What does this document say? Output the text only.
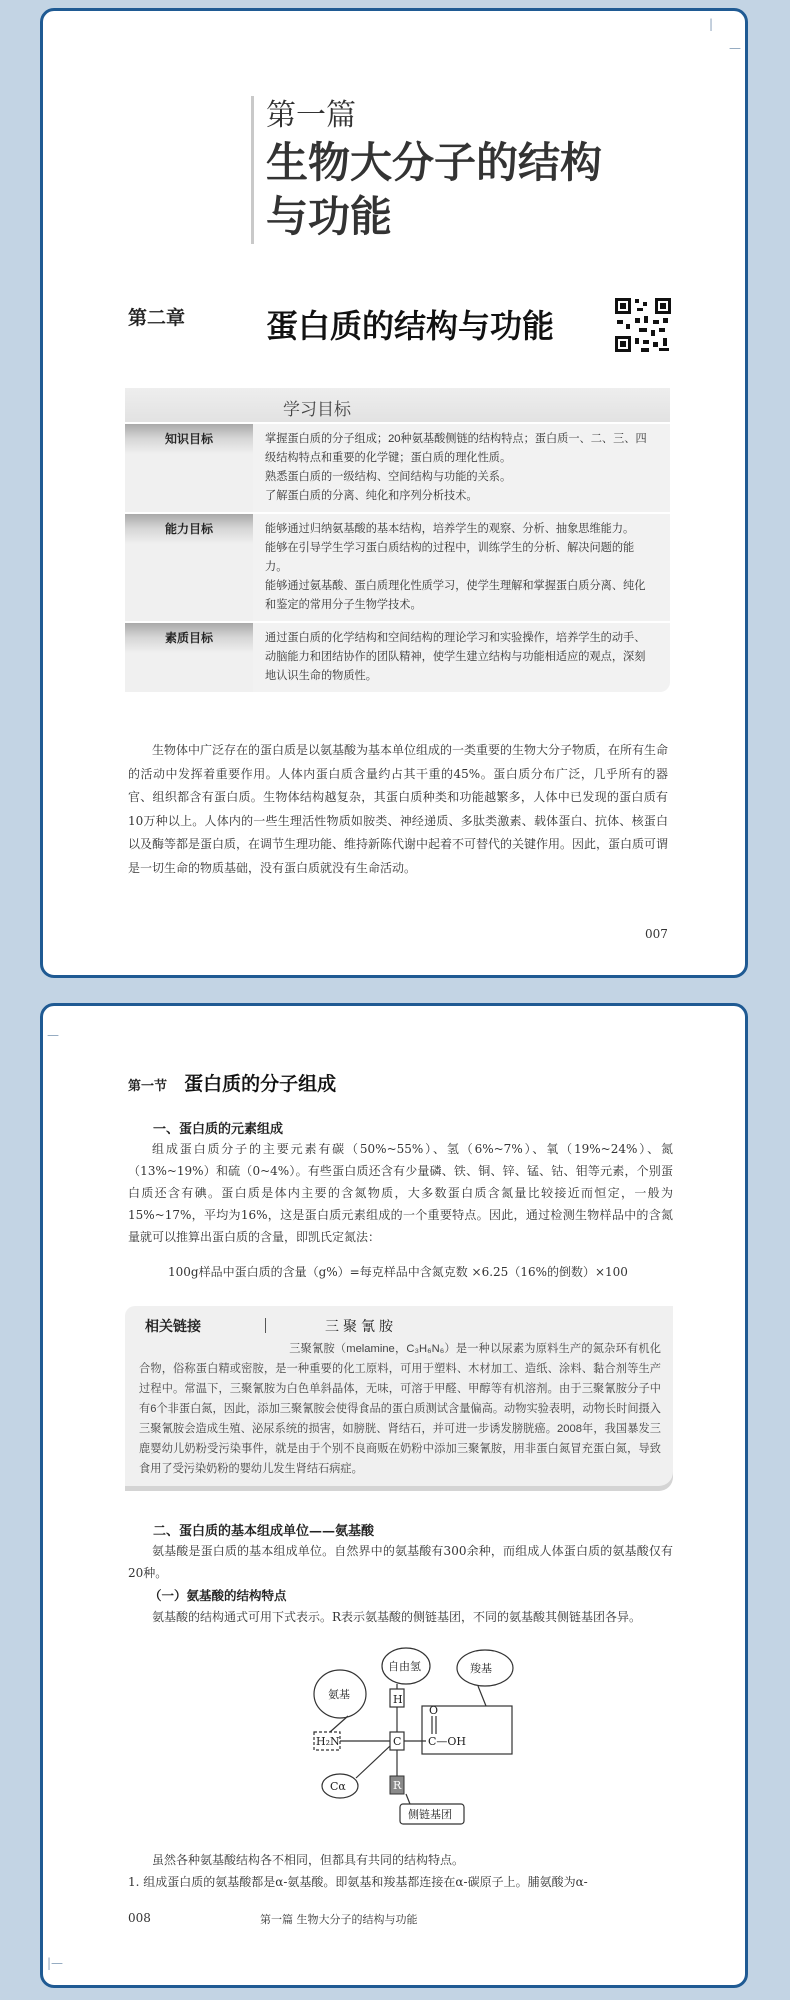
|
—
第一篇
生物大分子的结构
与功能
第二章	蛋白质的结构与功能
学习目标
知识目标	掌握蛋白质的分子组成；20种氨基酸侧链的结构特点；蛋白质一、二、三、四级结构特点和重要的化学键；蛋白质的理化性质。

熟悉蛋白质的一级结构、空间结构与功能的关系。

了解蛋白质的分离、纯化和序列分析技术。

能力目标	能够通过归纳氨基酸的基本结构，培养学生的观察、分析、抽象思维能力。

能够在引导学生学习蛋白质结构的过程中，训练学生的分析、解决问题的能力。

能够通过氨基酸、蛋白质理化性质学习，使学生理解和掌握蛋白质分离、纯化和鉴定的常用分子生物学技术。

素质目标	通过蛋白质的化学结构和空间结构的理论学习和实验操作，培养学生的动手、动脑能力和团结协作的团队精神，使学生建立结构与功能相适应的观点，深刻地认识生命的物质性。

生物体中广泛存在的蛋白质是以氨基酸为基本单位组成的一类重要的生物大分子物质，在所有生命的活动中发挥着重要作用。人体内蛋白质含量约占其干重的45%。蛋白质分布广泛，几乎所有的器官、组织都含有蛋白质。生物体结构越复杂，其蛋白质种类和功能越繁多，人体中已发现的蛋白质有10万种以上。人体内的一些生理活性物质如胺类、神经递质、多肽类激素、载体蛋白、抗体、核蛋白以及酶等都是蛋白质，在调节生理功能、维持新陈代谢中起着不可替代的关键作用。因此，蛋白质可谓是一切生命的物质基础，没有蛋白质就没有生命活动。
007
—
|—
第一节 蛋白质的分子组成
一、蛋白质的元素组成
组成蛋白质分子的主要元素有碳（50%~55%）、氢（6%~7%）、氧（19%~24%）、氮（13%~19%）和硫（0~4%）。有些蛋白质还含有少量磷、铁、铜、锌、锰、钴、钼等元素，个别蛋白质还含有碘。蛋白质是体内主要的含氮物质，大多数蛋白质含氮量比较接近而恒定，一般为15%~17%，平均为16%，这是蛋白质元素组成的一个重要特点。因此，通过检测生物样品中的含氮量就可以推算出蛋白质的含量，即凯氏定氮法：
100g样品中蛋白质的含量（g%）=每克样品中含氮克数 ×6.25（16%的倒数）×100
相关链接	三聚氰胺
三聚氰胺（melamine，C₃H₆N₆）是一种以尿素为原料生产的氮杂环有机化合物，俗称蛋白精或密胺，是一种重要的化工原料，可用于塑料、木材加工、造纸、涂料、黏合剂等生产过程中。常温下，三聚氰胺为白色单斜晶体，无味，可溶于甲醛、甲醇等有机溶剂。由于三聚氰胺分子中有6个非蛋白氮，因此，添加三聚氰胺会使得食品的蛋白质测试含量偏高。动物实验表明，动物长时间摄入三聚氰胺会造成生殖、泌尿系统的损害，如膀胱、肾结石，并可进一步诱发膀胱癌。2008年，我国暴发三鹿婴幼儿奶粉受污染事件，就是由于个别不良商贩在奶粉中添加三聚氰胺，用非蛋白氮冒充蛋白氮，导致食用了受污染奶粉的婴幼儿发生肾结石病症。
二、蛋白质的基本组成单位——氨基酸
氨基酸是蛋白质的基本组成单位。自然界中的氨基酸有300余种，而组成人体蛋白质的氨基酸仅有20种。
（一）氨基酸的结构特点
氨基酸的结构通式可用下式表示。R表示氨基酸的侧链基团，不同的氨基酸其侧链基团各异。
氨基
自由氢	羧基
H
H₂N	C
O
C—OH
R
Cα
侧链基团
虽然各种氨基酸结构各不相同，但都具有共同的结构特点。
1. 组成蛋白质的氨基酸都是α-氨基酸。即氨基和羧基都连接在α-碳原子上。脯氨酸为α-
008	第一篇 生物大分子的结构与功能
